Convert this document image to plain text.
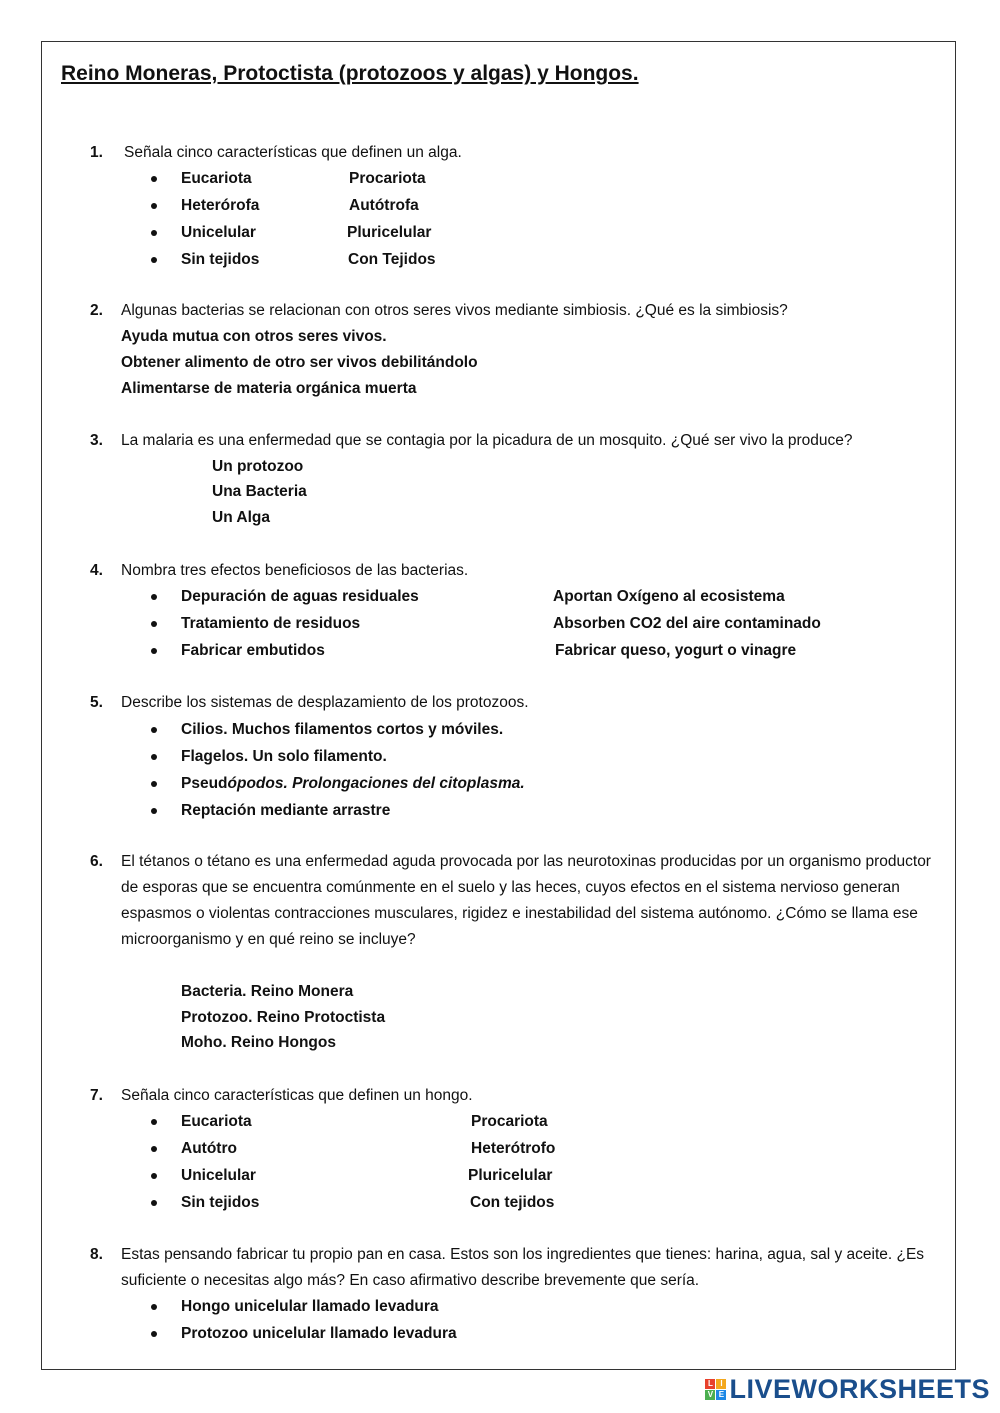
Reino Moneras, Protoctista (protozoos y algas) y Hongos.
1. Señala cinco características que definen un alga.
Eucariota	Procariota
Heterórofa	Autótrofa
Unicelular	Pluricelular
Sin tejidos	Con Tejidos
2. Algunas bacterias se relacionan con otros seres vivos mediante simbiosis. ¿Qué es la simbiosis?
Ayuda mutua con otros seres vivos.
Obtener alimento de otro ser vivos debilitándolo
Alimentarse de materia orgánica muerta
3. La malaria es una enfermedad que se contagia por la picadura de un mosquito. ¿Qué ser vivo la produce?
Un protozoo
Una Bacteria
Un Alga
4. Nombra tres efectos beneficiosos de las bacterias.
Depuración de aguas residuales	Aportan Oxígeno al ecosistema
Tratamiento de residuos	Absorben CO2 del aire contaminado
Fabricar embutidos	Fabricar queso, yogurt o vinagre
5. Describe los sistemas de desplazamiento de los protozoos.
Cilios. Muchos filamentos cortos y móviles.
Flagelos. Un solo filamento.
Pseudópodos. Prolongaciones del citoplasma.
Reptación mediante arrastre
6. El tétanos o tétano es una enfermedad aguda provocada por las neurotoxinas producidas por un organismo productor de esporas que se encuentra comúnmente en el suelo y las heces, cuyos efectos en el sistema nervioso generan espasmos o violentas contracciones musculares, rigidez e inestabilidad del sistema autónomo. ¿Cómo se llama ese microorganismo y en qué reino se incluye?
Bacteria. Reino Monera
Protozoo. Reino Protoctista
Moho. Reino Hongos
7. Señala cinco características que definen un hongo.
Eucariota	Procariota
Autótro	Heterótrofo
Unicelular	Pluricelular
Sin tejidos	Con tejidos
8. Estas pensando fabricar tu propio pan en casa. Estos son los ingredientes que tienes: harina, agua, sal y aceite. ¿Es suficiente o necesitas algo más? En caso afirmativo describe brevemente que sería.
Hongo unicelular llamado levadura
Protozoo unicelular llamado levadura
L I
V E LIVEWORKSHEETS
